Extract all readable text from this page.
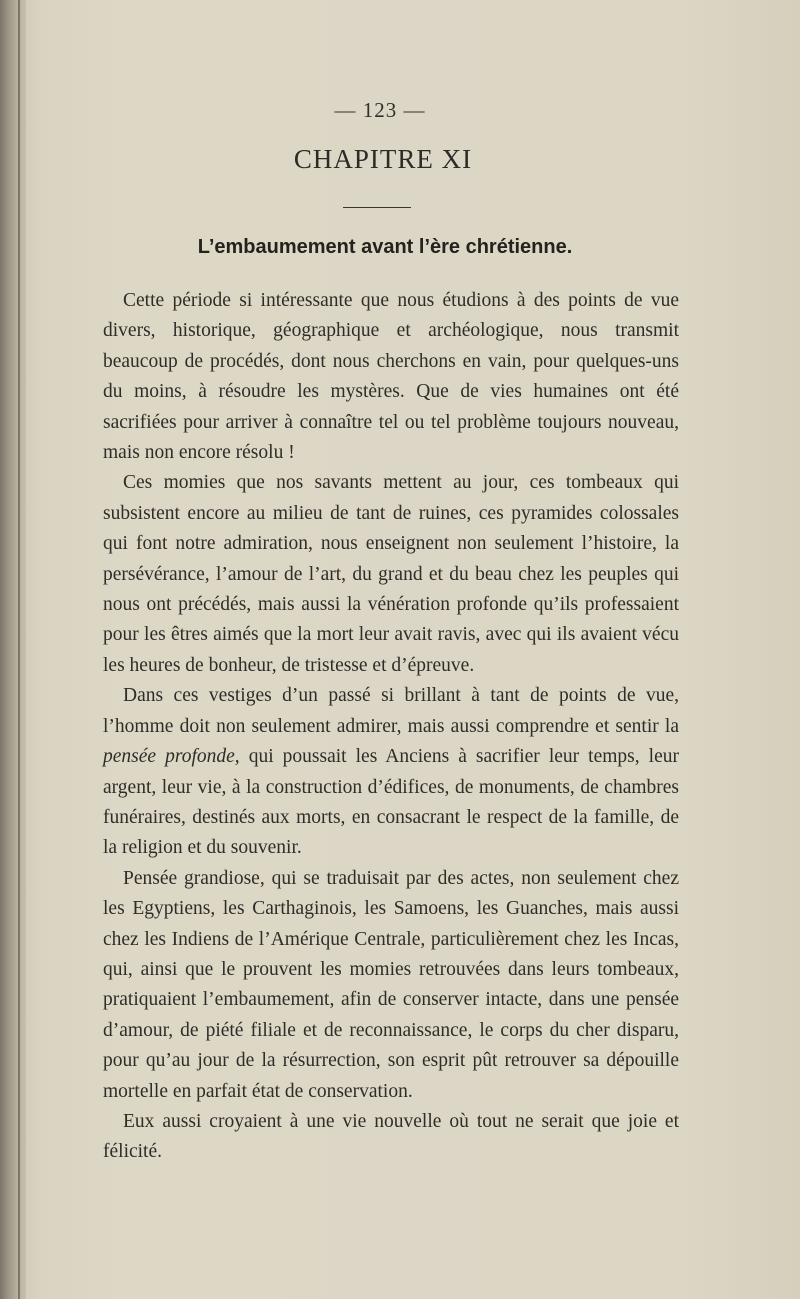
— 123 —
CHAPITRE XI
L’embaumement avant l’ère chrétienne.

Cette période si intéressante que nous étudions à des points de vue divers, historique, géographique et archéologique, nous transmit beaucoup de procédés, dont nous cherchons en vain, pour quelques-uns du moins, à résoudre les mystères. Que de vies humaines ont été sacrifiées pour arriver à connaître tel ou tel problème toujours nouveau, mais non encore résolu !

Ces momies que nos savants mettent au jour, ces tombeaux qui subsistent encore au milieu de tant de ruines, ces pyramides colossales qui font notre admiration, nous enseignent non seulement l’histoire, la persévérance, l’amour de l’art, du grand et du beau chez les peuples qui nous ont précédés, mais aussi la vénération profonde qu’ils professaient pour les êtres aimés que la mort leur avait ravis, avec qui ils avaient vécu les heures de bonheur, de tristesse et d’épreuve.

Dans ces vestiges d’un passé si brillant à tant de points de vue, l’homme doit non seulement admirer, mais aussi comprendre et sentir la pensée profonde, qui poussait les Anciens à sacrifier leur temps, leur argent, leur vie, à la construction d’édifices, de monuments, de chambres funéraires, destinés aux morts, en consacrant le respect de la famille, de la religion et du souvenir.

Pensée grandiose, qui se traduisait par des actes, non seulement chez les Egyptiens, les Carthaginois, les Samoens, les Guanches, mais aussi chez les Indiens de l’Amérique Centrale, particulièrement chez les Incas, qui, ainsi que le prouvent les momies retrouvées dans leurs tombeaux, pratiquaient l’embaumement, afin de conserver intacte, dans une pensée d’amour, de piété filiale et de reconnaissance, le corps du cher disparu, pour qu’au jour de la résurrection, son esprit pût retrouver sa dépouille mortelle en parfait état de conservation.

Eux aussi croyaient à une vie nouvelle où tout ne serait que joie et félicité.
